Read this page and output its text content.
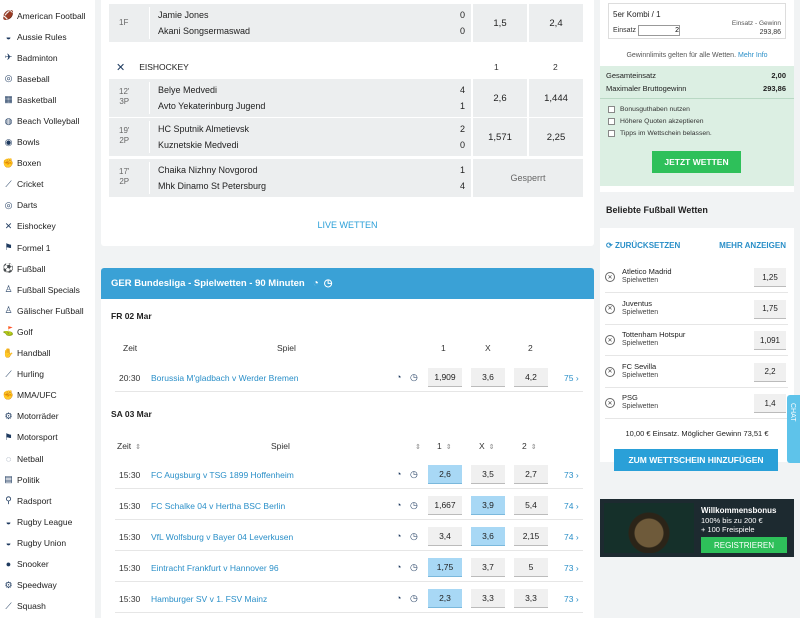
🏈 American Football
◒ Aussie Rules
✈ Badminton
◎ Baseball
▦ Basketball
◍ Beach Volleyball
◉ Bowls
✊ Boxen
⟋ Cricket
◎ Darts
✕ Eishockey
⚑ Formel 1
⚽ Fußball
♙ Fußball Specials
♙ Gälischer Fußball
⛳ Golf
✋ Handball
⟋ Hurling
✊ MMA/UFC
⚙ Motorräder
⚑ Motorsport
◌ Netball
▤ Politik
⚲ Radsport
◒ Rugby League
◒ Rugby Union
● Snooker
⚙ Speedway
⟋ Squash
1F
Jamie Jones	0
Akani Songsermaswad	0
1,5	2,4
✕ EISHOCKEY	1	2
12'
3P
Belye Medvedi	4
Avto Yekaterinburg Jugend	1
2,6	1,444
19'
2P
HC Sputnik Almetievsk	2
Kuznetskie Medvedi	0
1,571	2,25
17'
2P
Chaika Nizhny Novgorod	1
Mhk Dinamo St Petersburg	4
Gesperrt
LIVE WETTEN
GER Bundesliga - Spielwetten - 90 Minuten ◔ ◷
FR 02 Mar
Zeit	Spiel	1	X	2
20:30 Borussia M'gladbach v Werder Bremen	◔ ◷	1,909	3,6	4,2	75 ›
SA 03 Mar
Zeit ⇕	Spiel	⇕ 1 ⇕	X ⇕	2 ⇕
15:30 FC Augsburg v TSG 1899 Hoffenheim	◔ ◷	2,6	3,5	2,7	73 ›
15:30 FC Schalke 04 v Hertha BSC Berlin	◔ ◷	1,667	3,9	5,4	74 ›
15:30 VfL Wolfsburg v Bayer 04 Leverkusen	◔ ◷	3,4	3,6	2,15	74 ›
15:30 Eintracht Frankfurt v Hannover 96	◔ ◷	1,75	3,7	5	73 ›
15:30 Hamburger SV v 1. FSV Mainz	◔ ◷	2,3	3,3	3,3	73 ›
5er Kombi / 1
Einsatz2
Einsatz - Gewinn
293,86
Gewinnlimits gelten für alle Wetten. Mehr Info
Gesamteinsatz	2,00
Maximaler Bruttogewinn	293,86
Bonusguthaben nutzen
Höhere Quoten akzeptieren
Tipps im Wettschein belassen.
JETZT WETTEN
Beliebte Fußball Wetten
⟳ ZURÜCKSETZEN	MEHR ANZEIGEN
✕
Atletico Madrid
Spielwetten	1,25
✕
Juventus
Spielwetten	1,75
✕
Tottenham Hotspur
Spielwetten	1,091
✕
FC Sevilla
Spielwetten	2,2
✕
PSG
Spielwetten	1,4
10,00 € Einsatz. Möglicher Gewinn 73,51 €
ZUM WETTSCHEIN HINZUFÜGEN
Willkommensbonus
100% bis zu 200 €
+ 100 Freispiele
REGISTRIEREN
CHAT
